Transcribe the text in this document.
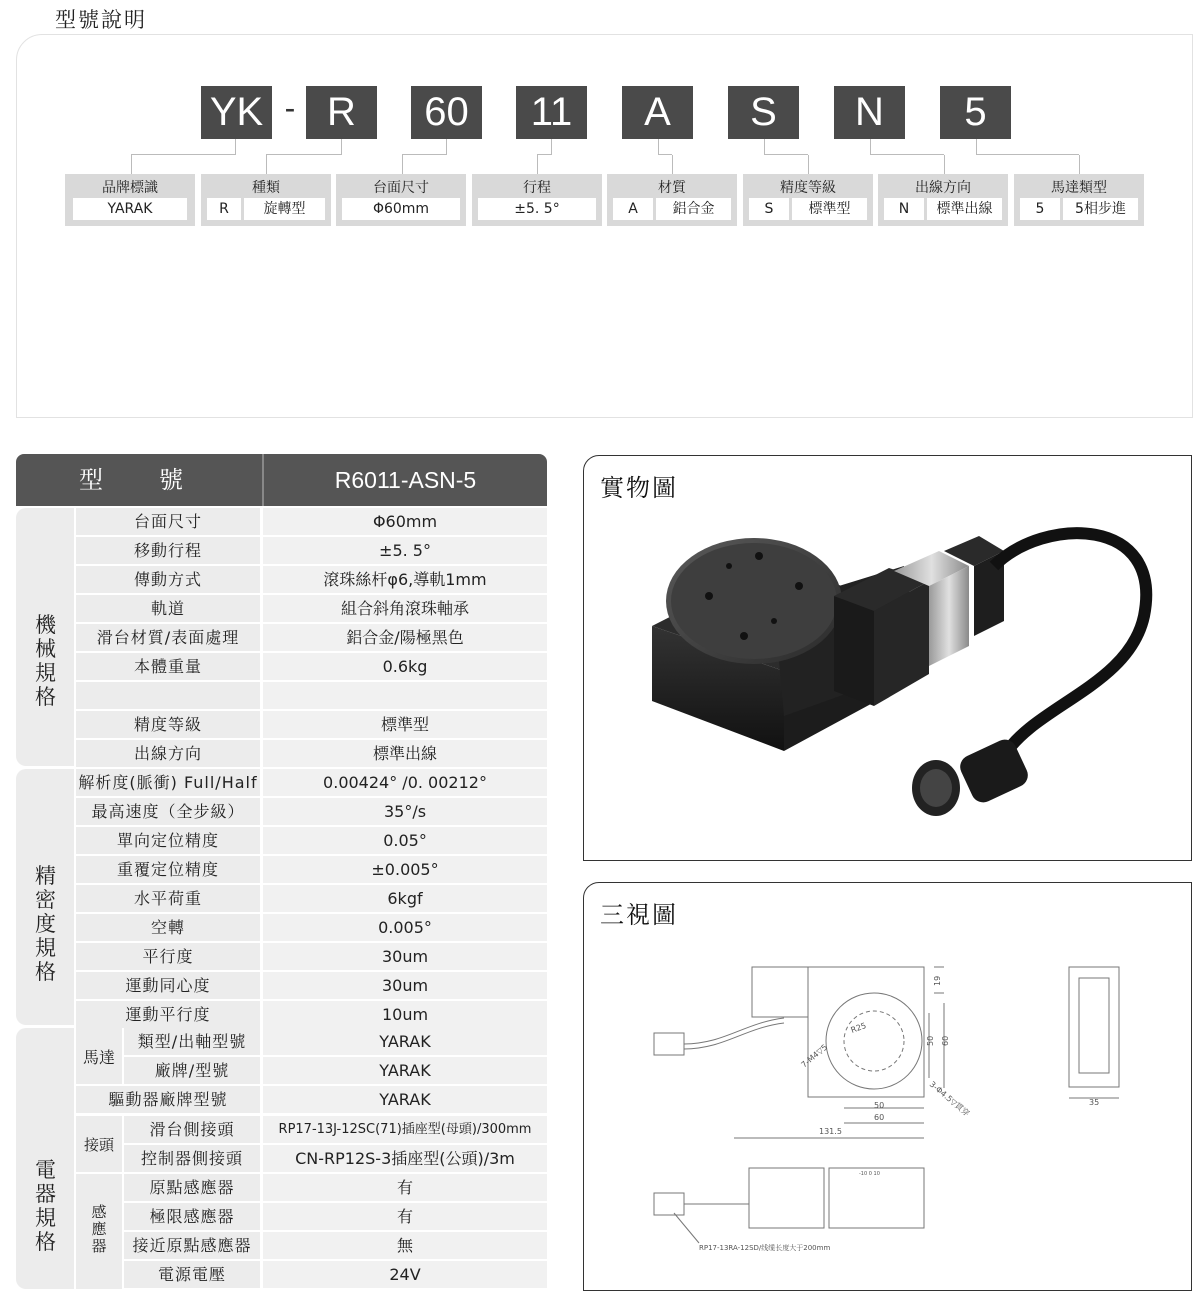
型號說明
YK - R	60	11	A	S	N	5
品牌標識
YARAK
種類
R	旋轉型
台面尺寸
Φ60mm
行程
±5. 5°
材質
A	鋁合金
精度等級
S	標準型
出線方向
N	標準出線
馬達類型
5	5相步進
型　號	R6011-ASN-5
機械規格
精密度規格
電器規格
馬達
接頭
感應器
台面尺寸	Φ60mm
移動行程	±5. 5°
傳動方式	滾珠絲杆φ6,導軌1mm
軌道	組合斜角滾珠軸承
滑台材質/表面處理	鋁合金/陽極黑色
本體重量	0.6kg
精度等級	標準型
出線方向	標準出線
解析度(脈衝) Full/Half	0.00424° /0. 00212°
最高速度（全步級）	35°/s
單向定位精度	0.05°
重覆定位精度	±0.005°
水平荷重	6kgf
空轉	0.005°
平行度	30um
運動同心度	30um
運動平行度	10um
類型/出軸型號	YARAK
廠牌/型號	YARAK
驅動器廠牌型號	YARAK
滑台側接頭	RP17-13J-12SC(71)插座型(母頭)/300mm
控制器側接頭	CN-RP12S-3插座型(公頭)/3m
原點感應器	有
極限感應器	有
接近原點感應器	無
電源電壓	24V
實物圖
三視圖
R25
7-M4▽5
3-Φ4.5▽貫穿
50
60
131.5
19
50 60
35
-10 0 10
RP17-13RA-12SD/线缆长度大于200mm
